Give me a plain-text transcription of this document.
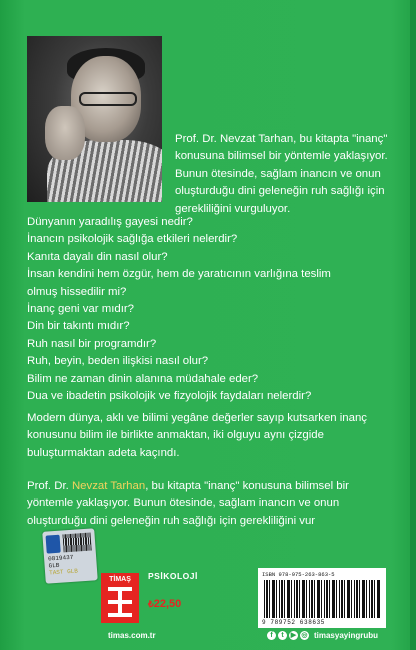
Prof. Dr. Nevzat Tarhan, bu kitapta "inanç" konusuna bilimsel bir yöntemle yaklaşıyor. Bunun ötesinde, sağlam inancın ve onun oluşturduğu dini geleneğin ruh sağlığı için gerekliliğini vurguluyor.

Dünyanın yaradılış gayesi nedir?

İnancın psikolojik sağlığa etkileri nelerdir?

Kanıta dayalı din nasıl olur?

İnsan kendini hem özgür, hem de yaratıcının varlığına teslim

olmuş hissedilir mi?

İnanç geni var mıdır?

Din bir takıntı mıdır?

Ruh nasıl bir programdır?

Ruh, beyin, beden ilişkisi nasıl olur?

Bilim ne zaman dinin alanına müdahale eder?

Dua ve ibadetin psikolojik ve fizyolojik faydaları nelerdir?

Modern dünya, aklı ve bilimi yegâne değerler sayıp kutsarken inanç konusunu bilim ile birlikte anmaktan, iki olguyu aynı çizgide buluşturmaktan adeta kaçındı.
Prof. Dr. Nevzat Tarhan, bu kitapta "inanç" konusuna bilimsel bir yöntemle yaklaşıyor. Bunun ötesinde, sağlam inancın ve onun oluşturduğu dini geleneğin ruh sağlığı için gerekliliğini vur
0819437
GLB
TAST GLB
TİMAŞ	PSİKOLOJİ
₺22,50
ISBN 978-975-263-863-5
9 789752 638635
timas.com.tr	f	t	▶ ◎ timasyayingrubu
